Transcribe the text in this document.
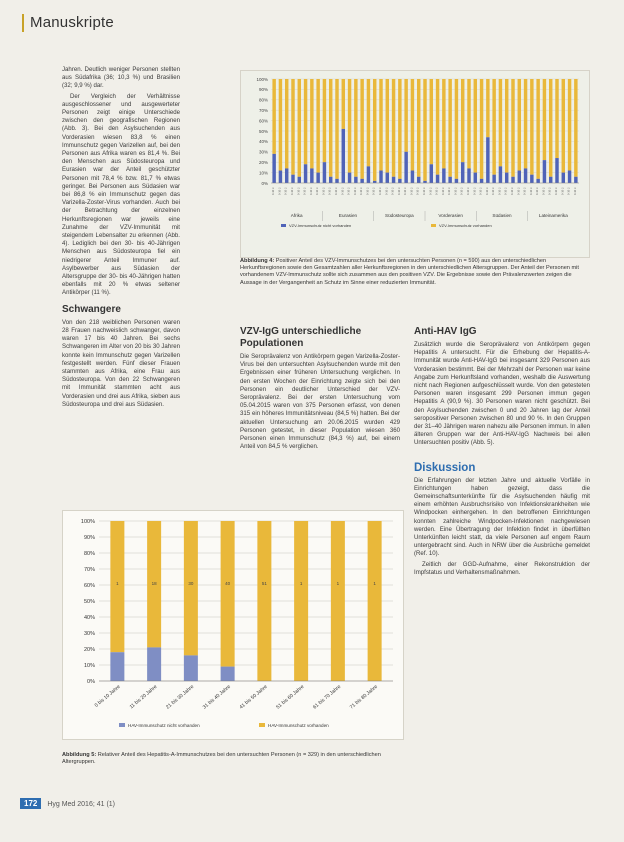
Manuskripte

Jahren. Deutlich weniger Personen stellten aus Südafrika (36; 10,3 %) und Brasilien (32; 9,9 %) dar.

Der Vergleich der Verhältnisse ausgeschlossener und ausgewerteter Personen zeigt einige Unterschiede zwischen den geografischen Regionen (Abb. 3). Bei den Asylsuchenden aus Vorderasien wiesen 83,8 % einen Immunschutz gegen Varizellen auf, bei den Personen aus Afrika waren es 81,4 %. Bei den Menschen aus Südosteuropa und Eurasien war der Anteil geschützter Personen mit 78,4 % bzw. 81,7 % etwas geringer. Bei Personen aus Südasien war bei 86,8 % ein Immunschutz gegen das Varizella-Zoster-Virus vorhanden. Auch bei der Betrachtung der einzelnen Herkunftsregionen war jeweils eine Zunahme der VZV-Immunität mit steigendem Lebensalter zu erkennen (Abb. 4). Lediglich bei den 30- bis 40-Jährigen Menschen aus Südosteuropa fiel ein niedrigerer Anteil Immuner auf. Asylbewerber aus Südasien der Altersgruppe der 30- bis 40-Jährigen hatten ebenfalls mit 20 % etwas seltener Antikörper (11 %).

Schwangere

Von den 218 weiblichen Personen waren 28 Frauen nachweislich schwanger, davon waren 17 bis 40 Jahren. Bei sechs Schwangeren im Alter von 20 bis 30 Jahren konnte kein Immunschutz gegen Varizellen festgestellt werden. Fünf dieser Frauen stammten aus Afrika, eine Frau aus Südosteuropa. Von den 22 Schwangeren mit Immunität stammten acht aus Vorderasien und drei aus Afrika, sieben aus Südosteuropa und drei aus Südasien.

0%
10%
20%
30%
40%
50%
60%
70%
80%
90%
100%
0-10 J.	0-10 J.	0-10 J.	0-10 J.	0-10 J.	0-10 J.	0-10 J.	0-10 J.	0-10 J.	0-10 J.	0-10 J.	0-10 J.	0-10 J.	0-10 J.	0-10 J.	0-10 J.	0-10 J.	0-10 J.	0-10 J.	0-10 J.	0-10 J.	0-10 J.	0-10 J.	0-10 J.	0-10 J.	0-10 J.	0-10 J.	0-10 J.	0-10 J.	0-10 J.	0-10 J.	0-10 J.	0-10 J.	0-10 J.	0-10 J.	0-10 J.	0-10 J.	0-10 J.	0-10 J.	0-10 J.	0-10 J.	0-10 J.	0-10 J.	0-10 J.	0-10 J.	0-10 J.	0-10 J.	0-10 J.	0-10 J.
Afrika	Eurasien	Südosteuropa	Vorderasien	Südasien	Lateinamerika
VZV-Immunschutz nicht vorhanden	VZV-Immunschutz vorhanden
Abbildung 4: Positiver Anteil des VZV-Immunschutzes bei den untersuchten Personen (n = 590) aus den unterschiedlichen Herkunftsregionen sowie den Gesamtzahlen aller Herkunftsregionen in den unterschiedlichen Altersgruppen. Der Anteil der Personen mit vorhandenem VZV-Immunschutz sollte sich zusammen aus den positiven VZV. Die Ergebnisse sowie den Prävalenzwerten zeigen die Aussage in der Vergangenheit an Schutz im Sinne einer reduzierten Immunität.
VZV-IgG unterschiedliche Populationen

Die Seroprävalenz von Antikörpern gegen Varizella-Zoster-Virus bei den untersuchten Asylsuchenden wurde mit den Ergebnissen einer früheren Untersuchung verglichen. In den ersten Wochen der Einrichtung zeigte sich bei den Personen ein deutlicher Unterschied der VZV-Seroprävalenz. Bei der ersten Untersuchung vom 05.04.2015 waren von 375 Personen erfasst, von denen 315 ein höheres Immunitätsniveau (84,5 %) hatten. Bei der aktuellen Untersuchung am 20.06.2015 wurden 429 Personen getestet, in dieser Population wiesen 360 Personen einen Immunschutz (84,3 %) auf, bei einem Anteil von 84,5 % verglichen.

Anti-HAV IgG

Zusätzlich wurde die Seroprävalenz von Antikörpern gegen Hepatitis A untersucht. Für die Erhebung der Hepatitis-A-Immunität wurde Anti-HAV-IgG bei insgesamt 329 Personen aus Vorderasien bestimmt. Bei der Mehrzahl der Personen war keine Angabe zum Herkunftsland vorhanden, weshalb die Auswertung nicht nach Regionen aufgeschlüsselt wurde. Von den getesteten Personen waren insgesamt 299 Personen immun gegen Hepatitis A (90,9 %). 30 Personen waren nicht geschützt. Bei den Asylsuchenden zwischen 0 und 20 Jahren lag der Anteil seropositiver Personen zwischen 80 und 90 %. In den Gruppen der 31–40 Jährigen waren nahezu alle Personen immun. In allen älteren Gruppen war der Anti-HAV-IgG Nachweis bei allen Untersuchten positiv (Abb. 5).

Diskussion

Die Erfahrungen der letzten Jahre und aktuelle Vorfälle in Einrichtungen haben gezeigt, dass die Gemeinschaftsunterkünfte für die Asylsuchenden häufig mit einem erhöhten Ausbruchsrisiko von Infektionskrankheiten wie Windpocken einhergehen. In den betroffenen Einrichtungen konnten zahlreiche Windpocken-Infektionen nachgewiesen werden. Eine Übertragung der Infektion findet in überfüllten Unterkünften leicht statt, da viele Personen auf engem Raum untergebracht sind. Auch in NRW über die Ausbrüche gemeldet (Ref. 10).

Zeitlich der GGD-Aufnahme, einer Rekonstruktion der Impfstatus und Verhaltensmaßnahmen.

0%
10%
20%
30%
40%
50%
60%
70%
80%
90%
100%
1
0 bis 10 Jahre
18
11 bis 20 Jahre
30
21 bis 30 Jahre
40
31 bis 40 Jahre
51
41 bis 50 Jahre
1
51 bis 60 Jahre
1
61 bis 70 Jahre
1
71 bis 80 Jahre
HAV-Immunschutz nicht vorhanden	HAV-Immunschutz vorhanden
Abbildung 5: Relativer Anteil des Hepatitis-A-Immunschutzes bei den untersuchten Personen (n = 329) in den unterschiedlichen Altergruppen.
172 Hyg Med 2016; 41 (1)
